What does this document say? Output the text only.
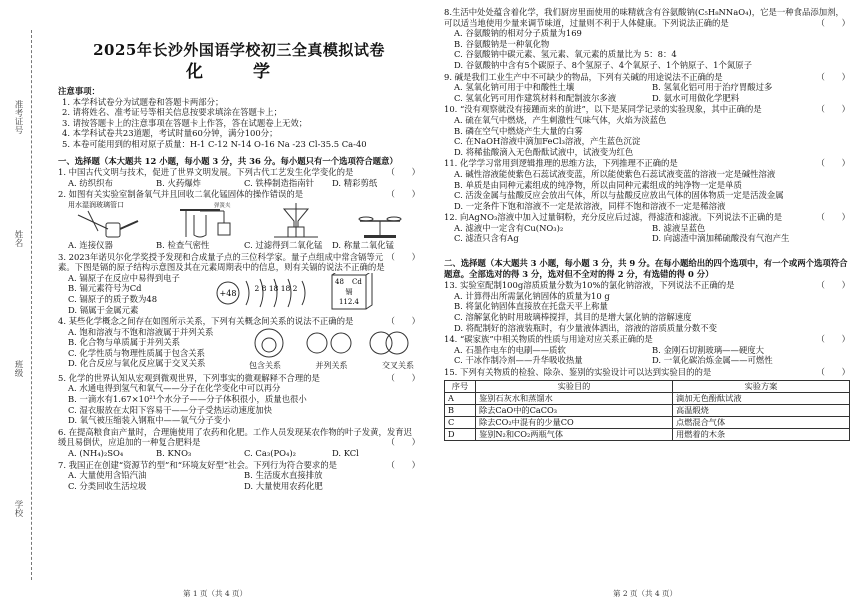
学校
班级
姓名
准考证号
2025年长沙外国语学校初三全真模拟试卷
化 学
注意事项：
1. 本学科试卷分为试题卷和答题卡两部分；
2. 请将姓名、准考证号等相关信息按要求填涂在答题卡上；
3. 请按答题卡上的注意事项在答题卡上作答，答在试题卷上无效；
4. 本学科试卷共23道题，考试时量60分钟，满分100分；
5. 本卷可能用到的相对原子质量：H-1 C-12 N-14 O-16 Na -23 Cl-35.5 Ca-40
一、选择题（本大题共 12 小题，每小题 3 分，共 36 分。每小题只有一个选项符合题意）
（　　）
1. 中国古代文明与技术，促进了世界文明发展。下列古代工艺发生化学变化的是
A. 纺织织布	B. 火药爆炸	C. 铁棒制造指南针	D. 精彩剪纸
（　　）
2. 如图有关实验室制备氧气并且回收二氧化锰固体的操作错误的是
用水湿润玻璃管口	弹簧夹
A. 连接仪器	B. 检查气密性	C. 过滤得到二氧化锰	D. 称量二氧化锰
（　　）
3. 2023年诺贝尔化学奖授予发现和合成量子点的三位科学家。量子点组成中常含镉等元素。下图是镉的原子结构示意图及其在元素周期表中的信息，则有关镉的说法不正确的是
A. 镉原子在反应中易得到电子
B. 镉元素符号为Cd
C. 镉原子的质子数为48
D. 镉属于金属元素
+48
2 8 18 18 2
48 Cd
镉
112.4
（　　）
4. 某些化学概念之间存在如图所示关系，下列有关概念间关系的说法不正确的是
A. 饱和溶液与不饱和溶液属于并列关系
B. 化合物与单质属于并列关系
C. 化学性质与物理性质属于包含关系
D. 化合反应与氧化反应属于交叉关系	包含关系	并列关系	交叉关系
（　　）
5. 化学的世界认知从宏观到微观世界，下列事实的微观解释不合理的是
A. 水通电得到氢气和氧气——分子在化学变化中可以再分
B. 一滴水有1.67×10²¹个水分子——分子体积很小，质量也很小
C. 湿衣服放在太阳下容易干——分子受热运动速度加快
D. 氧气被压缩装入钢瓶中——氧气分子变小
6. 在提高粮食亩产量时，合理施使用了农药和化肥。工作人员发现某农作物的叶子发黄，发育迟缓且易倒伏，应追加的一种复合肥料是	（　　）
A. (NH₄)₂SO₄	B. KNO₃	C. Ca₃(PO₄)₂	D. KCl
（　　）
7. 我国正在创建“资源节约型”和“环境友好型”社会。下列行为符合要求的是
A. 大量使用含铅汽油	B. 生活废水直接排放
C. 分类回收生活垃圾	D. 大量使用农药化肥
第 1 页（共 4 页）
8.生活中处处蕴含着化学，我们厨房里面使用的味精就含有谷氨酸钠(C₅H₈NNaO₄)，它是一种食品添加剂，可以适当地使用少量来调节味道，过量则不利于人体健康。下列说法正确的是	（　　）
A. 谷氨酸钠的相对分子质量为169
B. 谷氨酸钠是一种氧化物
C. 谷氨酸钠中碳元素、氢元素、氧元素的质量比为 5：8：4
D. 谷氨酸钠中含有5个碳原子、8个氢原子、4个氧原子、1个钠原子、1个氮原子
（　　）
9. 碱是我们工业生产中不可缺少的物品，下列有关碱的用途说法不正确的是
A. 氢氧化钠可用于中和酸性土壤	B. 氢氧化铝可用于治疗胃酸过多
C. 氢氧化钙可用作建筑材料和配制波尔多液	D. 氨水可用做化学肥料
（　　）
10. “没有观察就没有接踵而来的前进”，以下是某同学记录的实验现象，其中正确的是
A. 硫在氧气中燃烧，产生刺激性气味气体，火焰为淡蓝色
B. 磷在空气中燃烧产生大量的白雾
C. 在NaOH溶液中滴加FeCl₃溶液，产生蓝色沉淀
D. 将稀盐酸滴入无色酚酞试液中，试液变为红色
（　　）
11. 化学学习常用到逻辑推理的思维方法，下列推理不正确的是
A. 碱性溶液能使紫色石蕊试液变蓝，所以能使紫色石蕊试液变蓝的溶液一定是碱性溶液
B. 单质是由同种元素组成的纯净物，所以由同种元素组成的纯净物一定是单质
C. 活泼金属与盐酸反应会放出气体，所以与盐酸反应放出气体的固体物质一定是活泼金属
D. 一定条件下饱和溶液不一定是浓溶液，同样不饱和溶液不一定是稀溶液
（　　）
12. 向AgNO₃溶液中加入过量铜粉，充分反应后过滤，得滤渣和滤液。下列说法不正确的是
A. 滤液中一定含有Cu(NO₃)₂	B. 滤液呈蓝色
C. 滤渣只含有Ag	D. 向滤渣中滴加稀硫酸没有气泡产生
二、选择题（本大题共 3 小题，每小题 3 分，共 9 分。在每小题给出的四个选项中，有一个或两个选项符合题意。全部选对的得 3 分，选对但不全对的得 2 分，有选错的得 0 分）
（　　）
13. 实验室配制100g溶质质量分数为10%的氯化钠溶液，下列说法不正确的是
A. 计算得出所需氯化钠固体的质量为10 g
B. 将氯化钠固体直接放在托盘天平上称量
C. 溶解氯化钠时用玻璃棒搅拌，其目的是增大氯化钠的溶解速度
D. 将配制好的溶液装瓶时，有少量液体洒出，溶液的溶质质量分数不变
（　　）
14. “碳家族”中相关物质的性质与用途对应关系正确的是
A. 石墨作电车的电刷——质软	B. 金刚石切割玻璃——硬度大
C. 干冰作制冷剂——升华吸收热量	D. 一氧化碳冶炼金属——可燃性
（　　）
15. 下列有关物质的检验、除杂、鉴别的实验设计可以达到实验目的的是
序号	实验目的	实验方案
A	鉴别石灰水和蒸馏水	滴加无色酚酞试液
B	除去CaO中的CaCO₃	高温煅烧
C	除去CO₂中混有的少量CO	点燃混合气体
D	鉴别N₂和CO₂两瓶气体	用燃着的木条
第 2 页（共 4 页）
